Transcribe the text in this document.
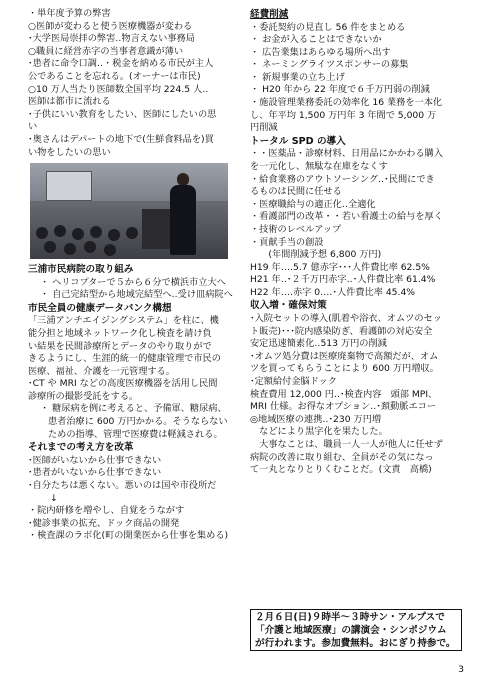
・単年度予算の弊害
○医師が変わると使う医療機器が変わる
･大学医局崇拝の弊害‥物言えない事務局
○職員に経営赤字の当事者意識が薄い
･患者に命令口調‥・税金を納める市民が主人
公であることを忘れる。(オーナーは市民)
○10 万人当たり医師数全国平均 224.5 人‥
医師は都市に流れる
･子供にいい教育をしたい、医師にしたいの思
い
･奥さんはデパートの地下で(生鮮食料品を)買
い物をしたいの思い
三浦市民病院の取り組み
・ ヘリコプターで５から６分で横浜市立大へ
・ 自己完結型から地域完結型へ‥受け皿病院へ
市民全員の健康データバンク構想
「三浦アンチエイジングシステム」を柱に、機
能分担と地域ネットワーク化し検査を請け負
い結果を民間診療所とデータのやり取りがで
きるようにし、生涯的統一的健康管理で市民の
医療、福祉、介護を一元管理する。
･CT や MRI などの高度医療機器を活用し民間
診療所の撮影受託をする。
・ 糖尿病を例に考えると、予備軍、糖尿病、
患者治療に 600 万円かかる。そうならない
ための指導、管理で医療費は軽減される。
それまでの考え方を改革
･医師がいないから仕事できない
･患者がいないから仕事できない
･自分たちは悪くない。悪いのは国や市役所だ
↓
・院内研修を増やし、自覚をうながす
･健診事業の拡充、ドック商品の開発
・検査課のラボ化(町の開業医から仕事を集める)
経費削減
・委託契約の見直し 56 件をまとめる
・ お金が入ることはできないか
・ 広告業集はあらゆる場所へ出す
・ ネーミングライツスポンサーの募集
・ 新規事業の立ち上げ
・ H20 年から 22 年度で６千万円弱の削減
・施設管理業務委託の効率化 16 業務を一本化
し、年平均 1,500 万円年 3 年間で 5,000 万
円削減
トータル SPD の導入
・・医薬品・診療材料、日用品にかかわる購入
を一元化し、無駄な在庫をなくす
・給食業務のアウトソーシング‥･民間にでき
るものは民間に任せる
・医療職給与の適正化‥全適化
・看護部門の改革・・若い看護士の給与を厚く
・技術のレベルアップ
・貢献手当の創設
　　(年間削減予想 6,800 万円)
H19 年‥‥5.7 億赤字･･･人件費比率 62.5%
H21 年‥･２千万円赤字‥･人件費比率 61.4%
H22 年‥‥赤字 0‥‥･人件費比率 45.4%
収入増・確保対策
･入院セットの導入(肌着や浴衣、オムツのセッ
ト販売)･･･院内感染防ぎ、看護師の対応安全
安定迅速簡素化‥513 万円の削減
･オムツ処分費は医療廃棄物で高額だが、オム
ツを買ってもらうことにより 600 万円増収。
･定額給付金脳ドック
検査費用 12,000 円‥･検査内容　頭部 MPI、
MRI 仕様。お得なオプション‥･頚動脈エコー
◎地域医療の連携‥･230 万円増
　などにより黒字化を果たした。
　大事なことは、職員一人一人が他人に任せず
病院の改善に取り組む、全員がその気になっ
て一丸となりとりくむことだ。(文責　高橋)
２月６日(日)９時半～３時サン・アルプスで
「介護と地域医療」の講演会・シンポジウム
が行われます。参加費無料。おにぎり持参で。
3
